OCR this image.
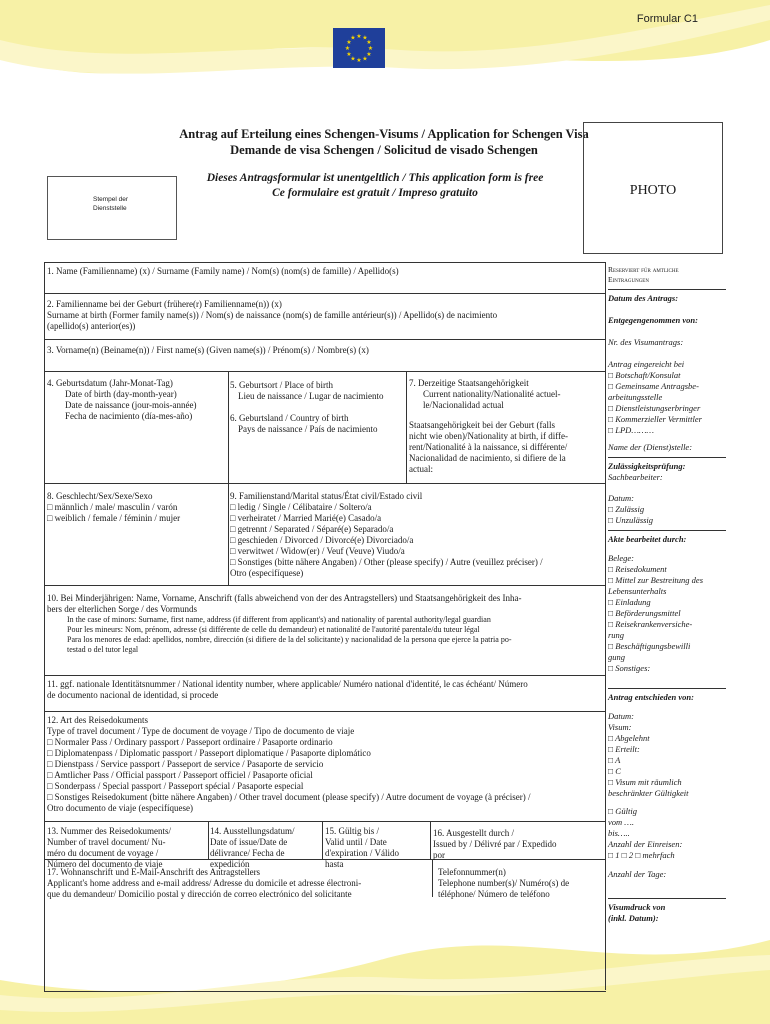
Formular C1
★ ★
★
★
★
★
★
★
★
★
★
★
Antrag auf Erteilung eines Schengen-Visums / Application for Schengen Visa
Demande de visa Schengen / Solicitud de visado Schengen
Dieses Antragsformular ist unentgeltlich / This application form is free
Ce formulaire est gratuit / Impreso gratuito
Stempel der
Dienststelle
PHOTO
1. Name (Familienname) (x) / Surname (Family name) / Nom(s) (nom(s) de famille) / Apellido(s)
2. Familienname bei der Geburt (frühere(r) Familienname(n)) (x)
Surname at birth (Former family name(s)) / Nom(s) de naissance (nom(s) de famille antérieur(s)) / Apellido(s) de nacimiento
(apellido(s) anterior(es))
3. Vorname(n) (Beiname(n)) / First name(s) (Given name(s)) / Prénom(s) / Nombre(s) (x)
4. Geburtsdatum (Jahr-Monat-Tag)
Date of birth (day-month-year)
Date de naissance (jour-mois-année)
Fecha de nacimiento (día-mes-año)
5. Geburtsort / Place of birth
Lieu de naissance / Lugar de nacimiento
6. Geburtsland / Country of birth
Pays de naissance / País de nacimiento
7. Derzeitige Staatsangehörigkeit
Current nationality/Nationalité actuel-
le/Nacionalidad actual
Staatsangehörigkeit bei der Geburt (falls
nicht wie oben)/Nationality at birth, if diffe-
rent/Nationalité à la naissance, si différente/
Nacionalidad de nacimiento, si difiere de la
actual:
8. Geschlecht/Sex/Sexe/Sexo
□ männlich / male/ masculin / varón
□ weiblich / female / féminin / mujer
9. Familienstand/Marital status/État civil/Estado civil
□ ledig / Single / Célibataire / Soltero/a
□ verheiratet / Married Marié(e) Casado/a
□ getrennt / Separated / Séparé(e) Separado/a
□ geschieden / Divorced / Divorcé(e) Divorciado/a
□ verwitwet / Widow(er) / Veuf (Veuve) Viudo/a
□ Sonstiges (bitte nähere Angaben) / Other (please specify) / Autre (veuillez préciser) /
Otro (especifíquese)
10. Bei Minderjährigen: Name, Vorname, Anschrift (falls abweichend von der des Antragstellers) und Staatsangehörigkeit des Inha-
bers der elterlichen Sorge / des Vormunds
In the case of minors: Surname, first name, address (if different from applicant's) and nationality of parental authority/legal guardian
Pour les mineurs: Nom, prénom, adresse (si différente de celle du demandeur) et nationalité de l'autorité parentale/du tuteur légal
Para los menores de edad: apellidos, nombre, dirección (si difiere de la del solicitante) y nacionalidad de la persona que ejerce la patria po-
testad o del tutor legal
11. ggf. nationale Identitätsnummer / National identity number, where applicable/ Numéro national d'identité, le cas échéant/ Número
de documento nacional de identidad, si procede
12. Art des Reisedokuments
Type of travel document / Type de document de voyage / Tipo de documento de viaje
□ Normaler Pass / Ordinary passport / Passeport ordinaire / Pasaporte ordinario
□ Diplomatenpass / Diplomatic passport / Passeport diplomatique / Pasaporte diplomático
□ Dienstpass / Service passport / Passeport de service / Pasaporte de servicio
□ Amtlicher Pass / Official passport / Passeport officiel / Pasaporte oficial
□ Sonderpass / Special passport / Passeport spécial / Pasaporte especial
□ Sonstiges Reisedokument (bitte nähere Angaben) / Other travel document (please specify) / Autre document de voyage (à préciser) /
Otro documento de viaje (especifíquese)
13. Nummer des Reisedokuments/
Number of travel document/ Nu-
méro du document de voyage /
Número del documento de viaje
14. Ausstellungsdatum/
Date of issue/Date de
délivrance/ Fecha de
expedición
15. Gültig bis /
Valid until / Date
d'expiration / Válido
hasta
16. Ausgestellt durch /
Issued by / Délivré par / Expedido
por
17. Wohnanschrift und E-Mail-Anschrift des Antragstellers
Applicant's home address and e-mail address/ Adresse du domicile et adresse électroni-
que du demandeur/ Domicilio postal y dirección de correo electrónico del solicitante
Telefonnummer(n)
Telephone number(s)/ Numéro(s) de
téléphone/ Número de teléfono
Reserviert für amtliche
Eintragungen
Datum des Antrags:
Entgegengenommen von:
Nr. des Visumantrags:
Antrag eingereicht bei
□ Botschaft/Konsulat
□ Gemeinsame Antragsbe-
arbeitungsstelle
□ Dienstleistungserbringer
□ Kommerzieller Vermittler
□ LPD………
Name der (Dienst)stelle:
Zulässigkeitsprüfung:
Sachbearbeiter:
Datum:
□ Zulässig
□ Unzulässig
Akte bearbeitet durch:
Belege:
□ Reisedokument
□ Mittel zur Bestreitung des
Lebensunterhalts
□ Einladung
□ Beförderungsmittel
□ Reisekrankenversiche-
rung
□ Beschäftigungsbewilli
gung
□ Sonstiges:
Antrag entschieden von:
Datum:
Visum:
□ Abgelehnt
□ Erteilt:
□ A
□ C
□ Visum mit räumlich
beschränkter Gültigkeit
□ Gültig
vom ….
bis…..
Anzahl der Einreisen:
□ 1 □ 2 □ mehrfach
Anzahl der Tage:
Visumdruck von
(inkl. Datum):
